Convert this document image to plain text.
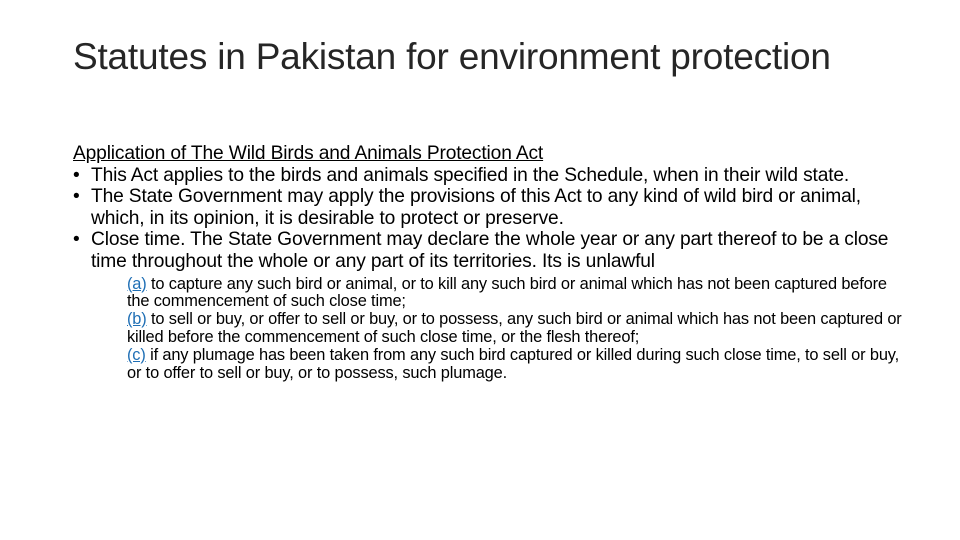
Statutes in Pakistan for environment protection

Application of The Wild Birds and Animals Protection Act

• This Act applies to the birds and animals specified in the Schedule, when in their wild state.
• The State Government may apply the provisions of this Act to any kind of wild bird or animal, which, in its opinion, it is desirable to protect or preserve.
• Close time. The State Government may declare the whole year or any part thereof to be a close time throughout the whole or any part of its territories. Its is unlawful

(a) to capture any such bird or animal, or to kill any such bird or animal which has not been captured before the commencement of such close time;

(b) to sell or buy, or offer to sell or buy, or to possess, any such bird or animal which has not been captured or killed before the commencement of such close time, or the flesh thereof;

(c) if any plumage has been taken from any such bird captured or killed during such close time, to sell or buy, or to offer to sell or buy, or to possess, such plumage.
